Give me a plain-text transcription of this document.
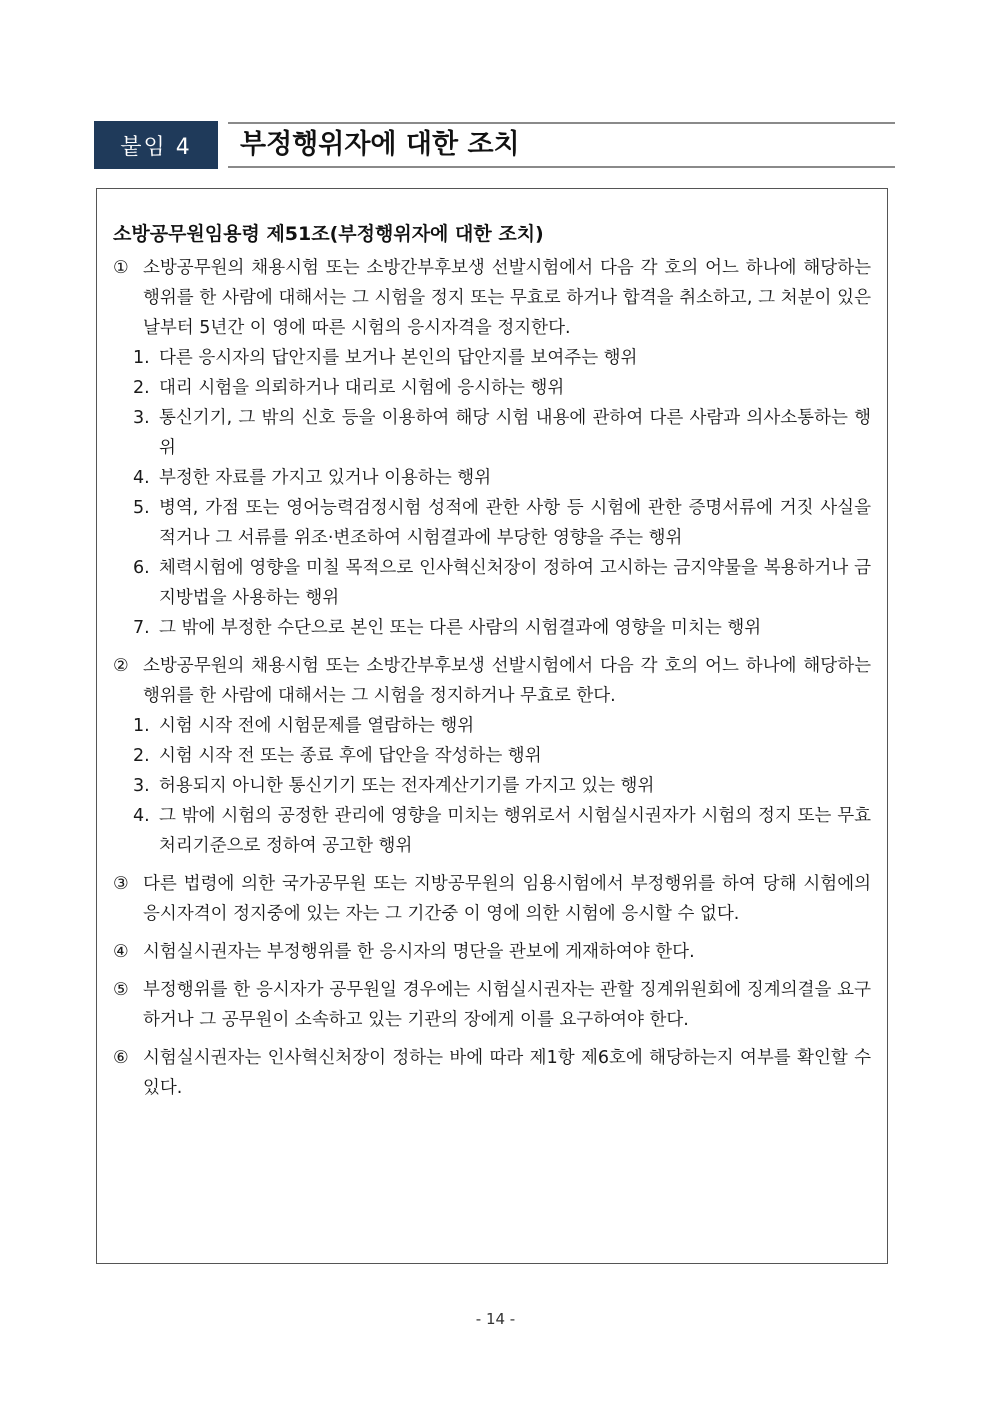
붙임 4	부정행위자에 대한 조치
소방공무원임용령 제51조(부정행위자에 대한 조치)
① 소방공무원의 채용시험 또는 소방간부후보생 선발시험에서 다음 각 호의 어느 하나에 해당하는 행위를 한 사람에 대해서는 그 시험을 정지 또는 무효로 하거나 합격을 취소하고, 그 처분이 있은 날부터 5년간 이 영에 따른 시험의 응시자격을 정지한다.
1. 다른 응시자의 답안지를 보거나 본인의 답안지를 보여주는 행위
2. 대리 시험을 의뢰하거나 대리로 시험에 응시하는 행위
3. 통신기기, 그 밖의 신호 등을 이용하여 해당 시험 내용에 관하여 다른 사람과 의사소통하는 행위
4. 부정한 자료를 가지고 있거나 이용하는 행위
5. 병역, 가점 또는 영어능력검정시험 성적에 관한 사항 등 시험에 관한 증명서류에 거짓 사실을 적거나 그 서류를 위조·변조하여 시험결과에 부당한 영향을 주는 행위
6. 체력시험에 영향을 미칠 목적으로 인사혁신처장이 정하여 고시하는 금지약물을 복용하거나 금지방법을 사용하는 행위
7. 그 밖에 부정한 수단으로 본인 또는 다른 사람의 시험결과에 영향을 미치는 행위
② 소방공무원의 채용시험 또는 소방간부후보생 선발시험에서 다음 각 호의 어느 하나에 해당하는 행위를 한 사람에 대해서는 그 시험을 정지하거나 무효로 한다.
1. 시험 시작 전에 시험문제를 열람하는 행위
2. 시험 시작 전 또는 종료 후에 답안을 작성하는 행위
3. 허용되지 아니한 통신기기 또는 전자계산기기를 가지고 있는 행위
4. 그 밖에 시험의 공정한 관리에 영향을 미치는 행위로서 시험실시권자가 시험의 정지 또는 무효 처리기준으로 정하여 공고한 행위
③ 다른 법령에 의한 국가공무원 또는 지방공무원의 임용시험에서 부정행위를 하여 당해 시험에의 응시자격이 정지중에 있는 자는 그 기간중 이 영에 의한 시험에 응시할 수 없다.
④ 시험실시권자는 부정행위를 한 응시자의 명단을 관보에 게재하여야 한다.
⑤ 부정행위를 한 응시자가 공무원일 경우에는 시험실시권자는 관할 징계위원회에 징계의결을 요구하거나 그 공무원이 소속하고 있는 기관의 장에게 이를 요구하여야 한다.
⑥ 시험실시권자는 인사혁신처장이 정하는 바에 따라 제1항 제6호에 해당하는지 여부를 확인할 수 있다.
- 14 -
